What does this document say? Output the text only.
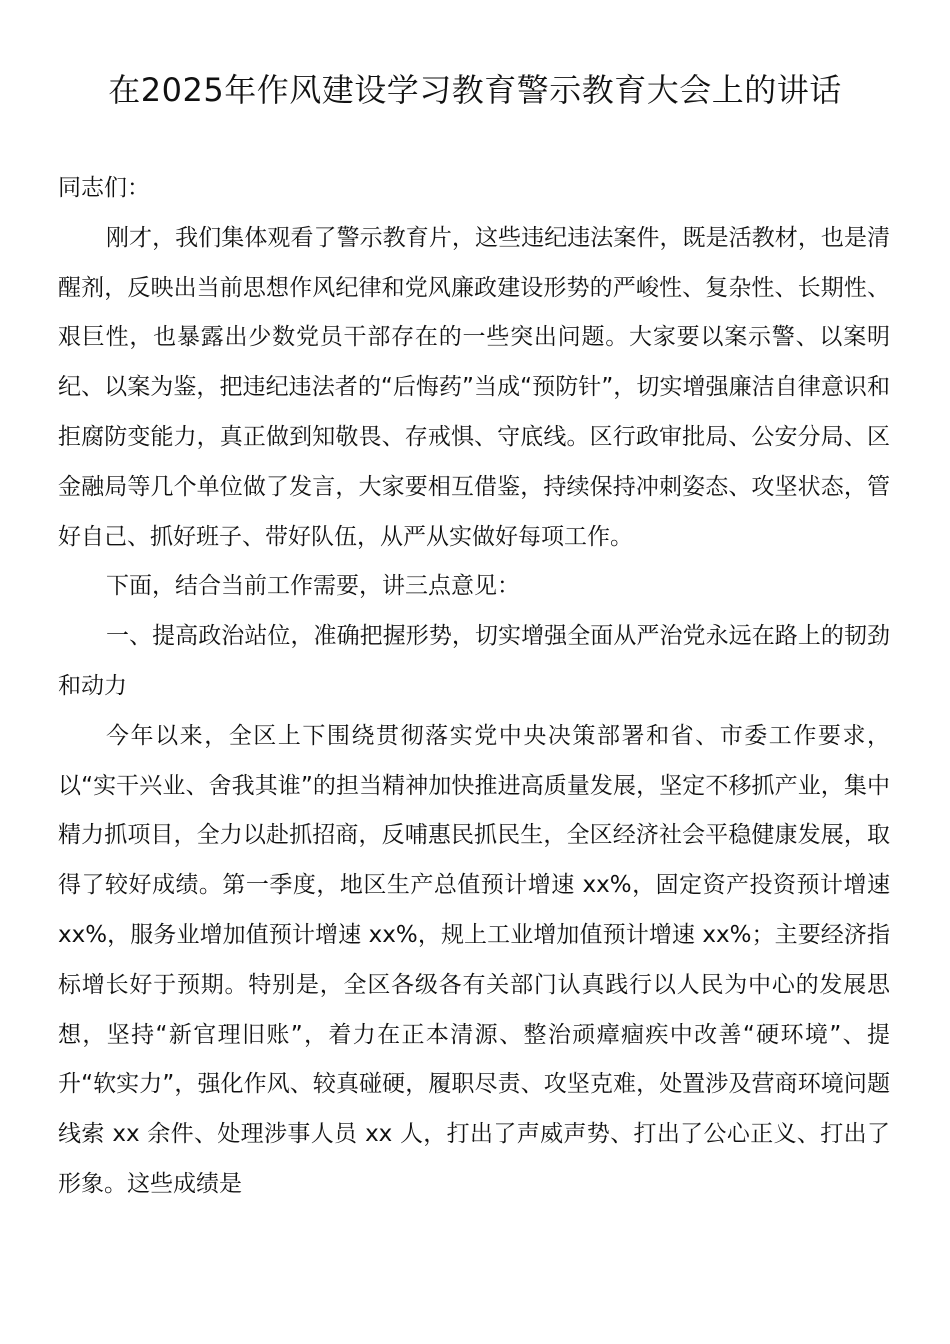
在2025年作风建设学习教育警示教育大会上的讲话

同志们：

刚才，我们集体观看了警示教育片，这些违纪违法案件，既是活教材，也是清醒剂，反映出当前思想作风纪律和党风廉政建设形势的严峻性、复杂性、长期性、艰巨性，也暴露出少数党员干部存在的一些突出问题。大家要以案示警、以案明纪、以案为鉴，把违纪违法者的“后悔药”当成“预防针”，切实增强廉洁自律意识和拒腐防变能力，真正做到知敬畏、存戒惧、守底线。区行政审批局、公安分局、区金融局等几个单位做了发言，大家要相互借鉴，持续保持冲刺姿态、攻坚状态，管好自己、抓好班子、带好队伍，从严从实做好每项工作。

下面，结合当前工作需要，讲三点意见：

一、提高政治站位，准确把握形势，切实增强全面从严治党永远在路上的韧劲和动力

今年以来，全区上下围绕贯彻落实党中央决策部署和省、市委工作要求，以“实干兴业、舍我其谁”的担当精神加快推进高质量发展，坚定不移抓产业，集中精力抓项目，全力以赴抓招商，反哺惠民抓民生，全区经济社会平稳健康发展，取得了较好成绩。第一季度，地区生产总值预计增速 xx%，固定资产投资预计增速 xx%，服务业增加值预计增速 xx%，规上工业增加值预计增速 xx%；主要经济指标增长好于预期。特别是，全区各级各有关部门认真践行以人民为中心的发展思想，坚持“新官理旧账”，着力在正本清源、整治顽瘴痼疾中改善“硬环境”、提升“软实力”，强化作风、较真碰硬，履职尽责、攻坚克难，处置涉及营商环境问题线索 xx 余件、处理涉事人员 xx 人，打出了声威声势、打出了公心正义、打出了形象。这些成绩是
